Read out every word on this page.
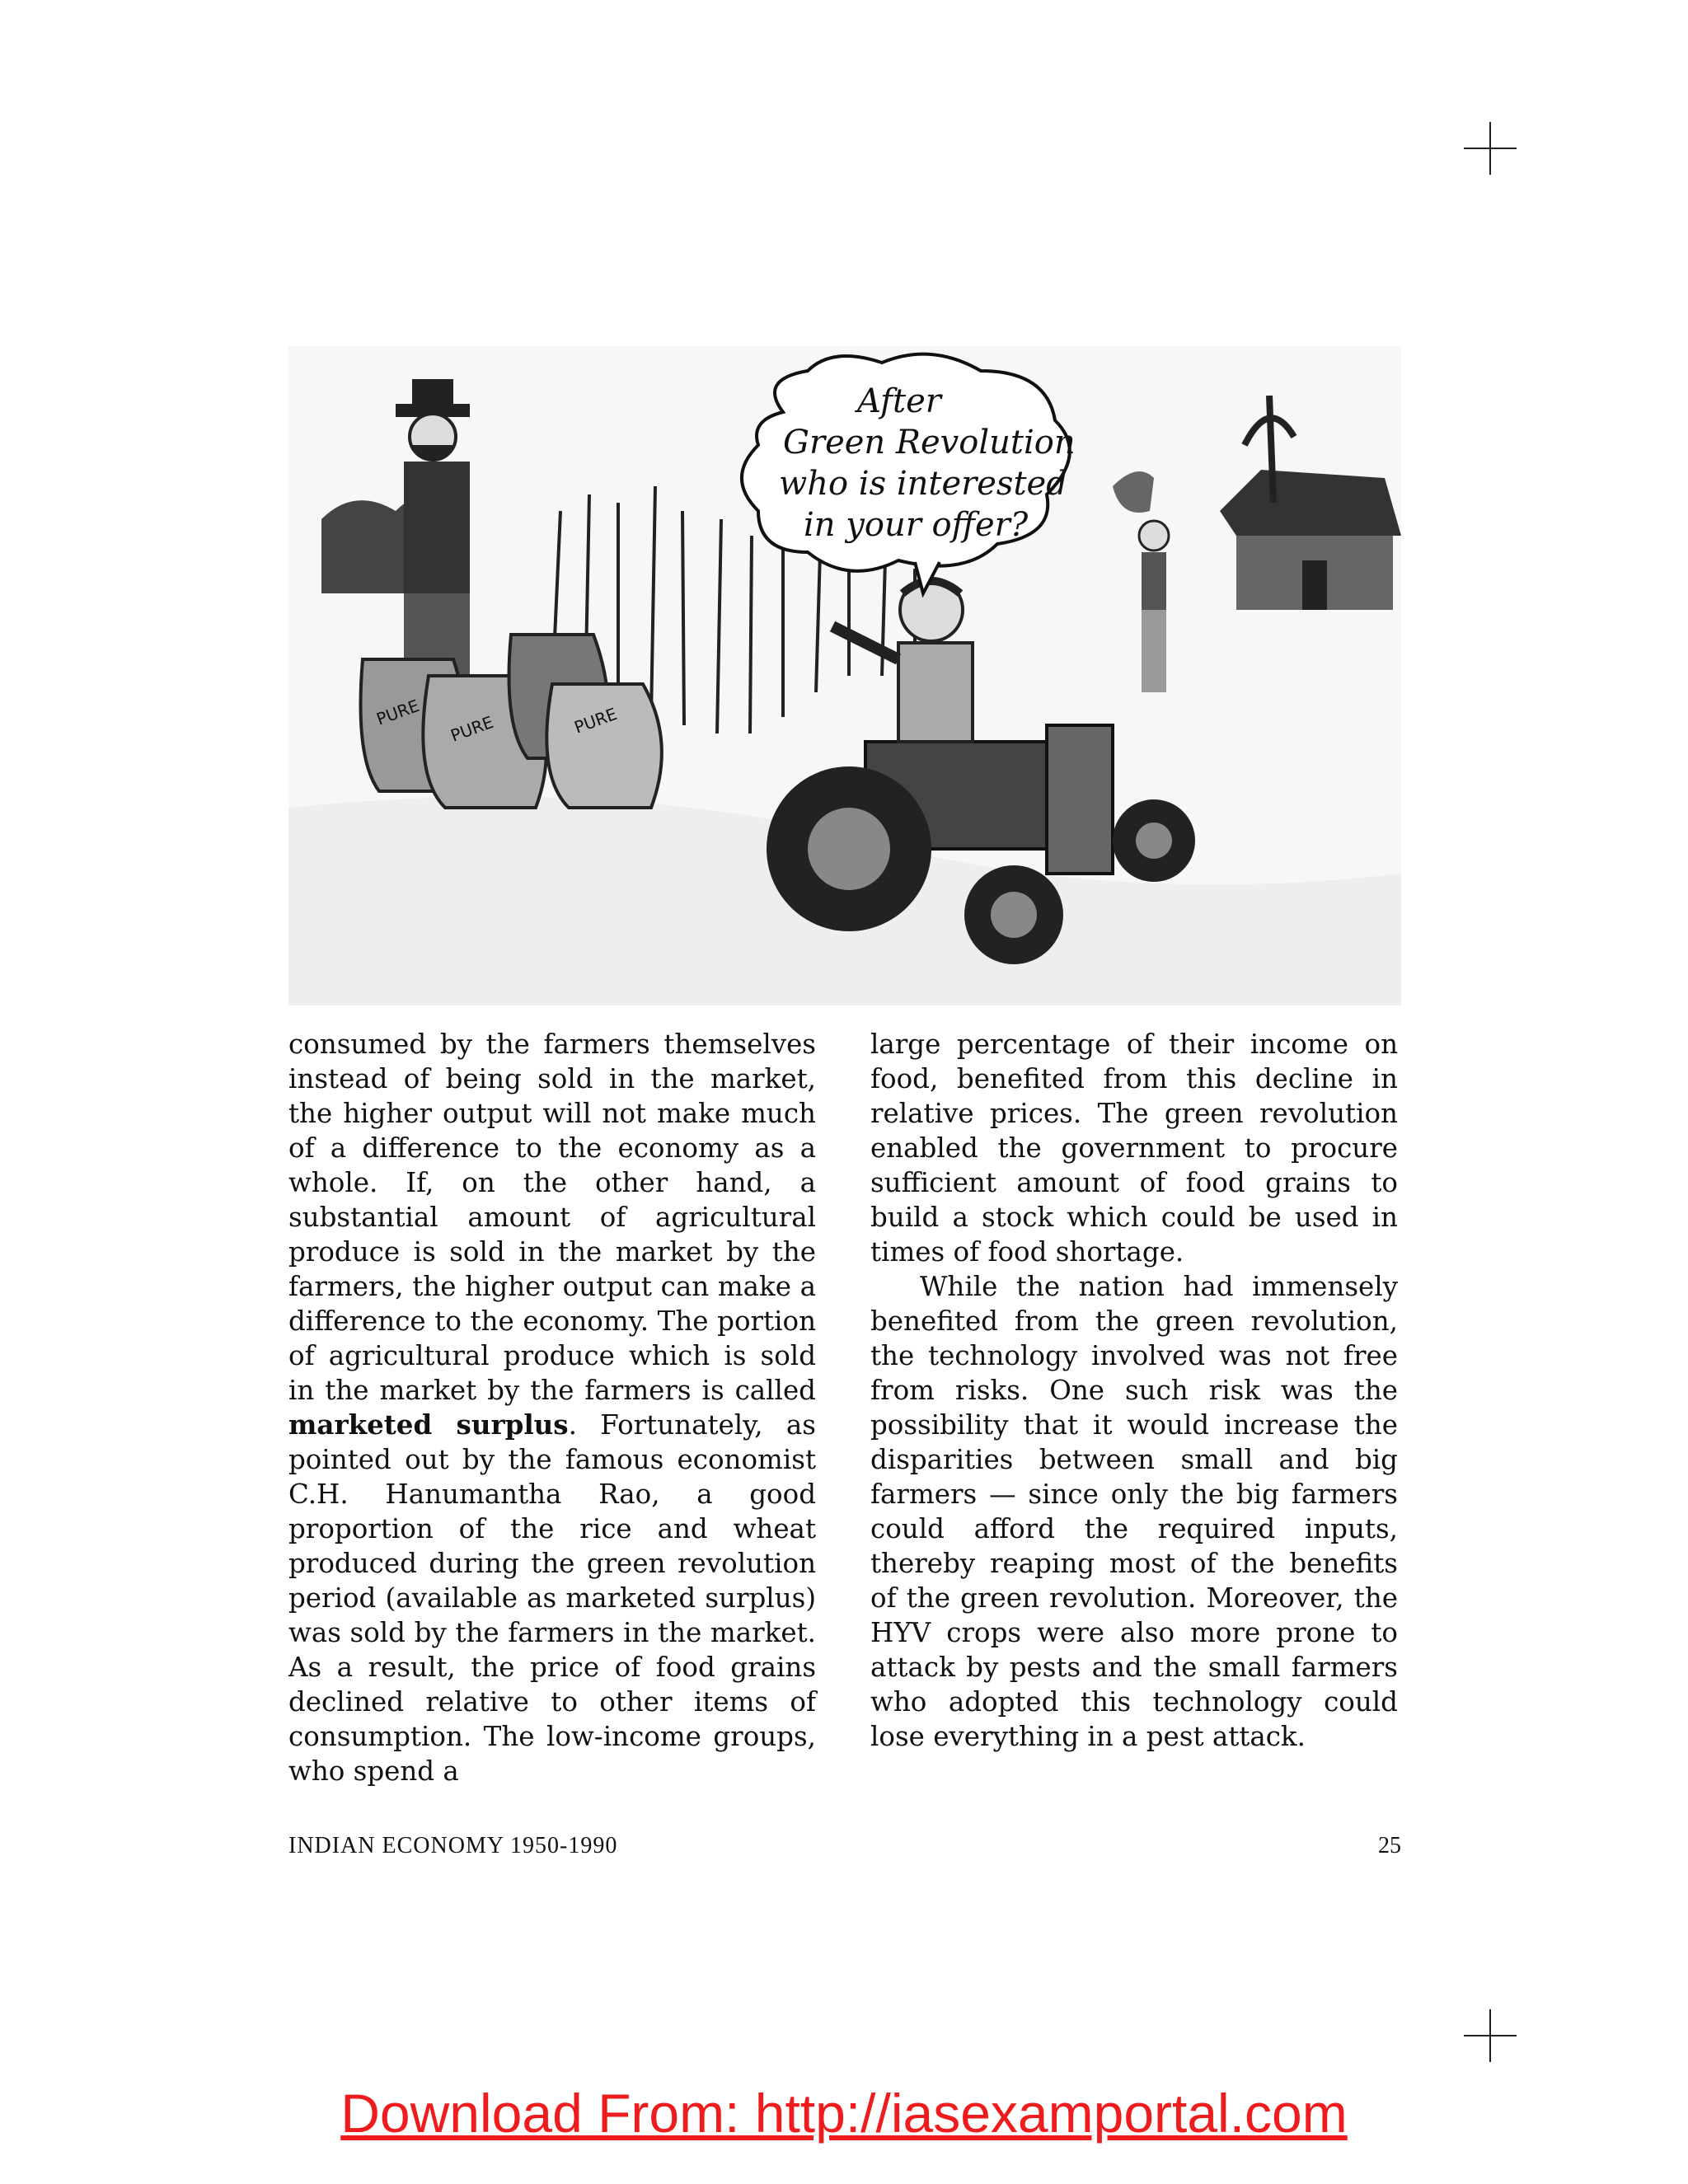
PURE PURE	PURE
After
Green Revolution
who is interested
in your offer?

consumed by the farmers themselves instead of being sold in the market, the higher output will not make much of a difference to the economy as a whole. If, on the other hand, a substantial amount of agricultural produce is sold in the market by the farmers, the higher output can make a difference to the economy. The portion of agricultural produce which is sold in the market by the farmers is called marketed surplus. Fortunately, as pointed out by the famous economist C.H. Hanumantha Rao, a good proportion of the rice and wheat produced during the green revolution period (available as marketed surplus) was sold by the farmers in the market. As a result, the price of food grains declined relative to other items of consumption. The low-income groups, who spend a

large percentage of their income on food, benefited from this decline in relative prices. The green revolution enabled the government to procure sufficient amount of food grains to build a stock which could be used in times of food shortage.

While the nation had immensely benefited from the green revolution, the technology involved was not free from risks. One such risk was the possibility that it would increase the disparities between small and big farmers — since only the big farmers could afford the required inputs, thereby reaping most of the benefits of the green revolution. Moreover, the HYV crops were also more prone to attack by pests and the small farmers who adopted this technology could lose everything in a pest attack.

INDIAN ECONOMY 1950-1990	25
Download From: http://iasexamportal.com
